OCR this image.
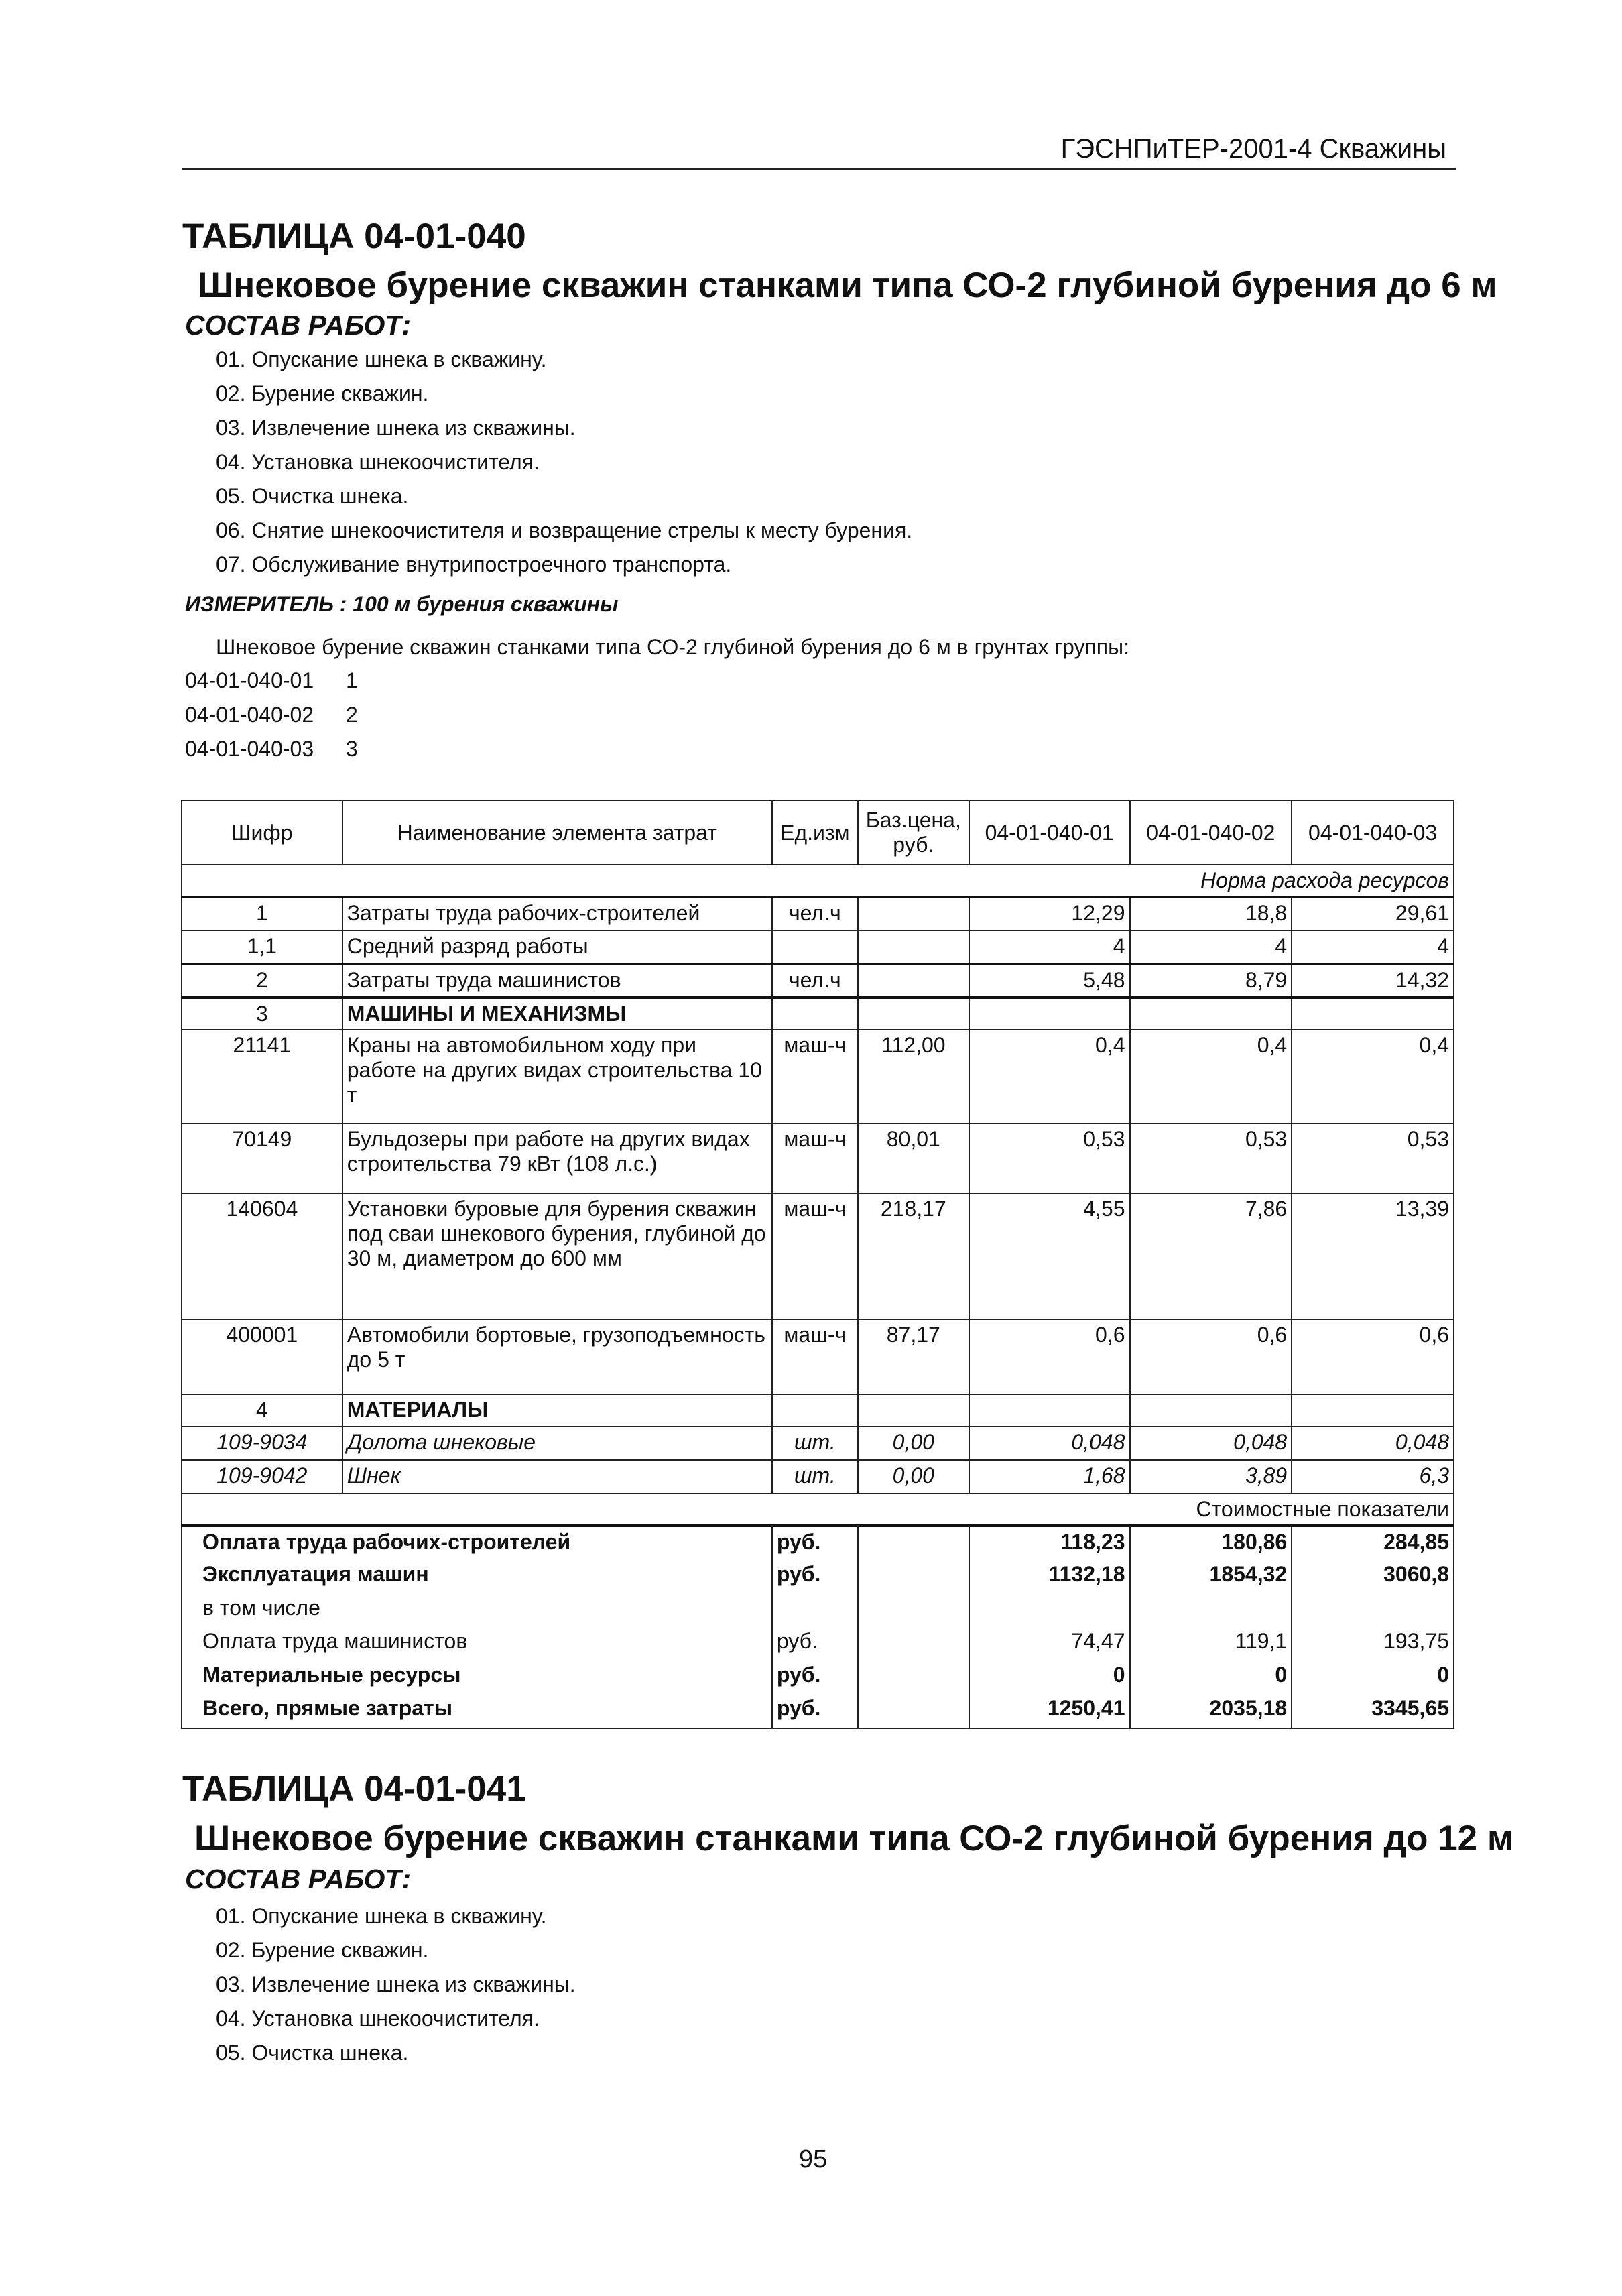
ГЭСНПиТЕР-2001-4 Скважины
ТАБЛИЦА 04-01-040
Шнековое бурение скважин станками типа СО-2 глубиной бурения до 6 м
СОСТАВ РАБОТ:
01. Опускание шнека в скважину.
02. Бурение скважин.
03. Извлечение шнека из скважины.
04. Установка шнекоочистителя.
05. Очистка шнека.
06. Снятие шнекоочистителя и возвращение стрелы к месту бурения.
07. Обслуживание внутрипостроечного транспорта.
ИЗМЕРИТЕЛЬ : 100 м бурения скважины
Шнековое бурение скважин станками типа СО-2 глубиной бурения до 6 м в грунтах группы:
04-01-040-01 1
04-01-040-02 2
04-01-040-03 3
Шифр	Наименование элемента затрат	Ед.изм	Баз.цена, руб.	04-01-040-01	04-01-040-02	04-01-040-03
Норма расхода ресурсов						
1	Затраты труда рабочих-строителей	чел.ч		12,29	18,8	29,61
1,1	Средний разряд работы			4	4	4
2	Затраты труда машинистов	чел.ч		5,48	8,79	14,32
3	МАШИНЫ И МЕХАНИЗМЫ					
21141	Краны на автомобильном ходу при работе на других видах строительства 10 т	маш-ч	112,00	0,4	0,4	0,4
70149	Бульдозеры при работе на других видах строительства 79 кВт (108 л.с.)	маш-ч	80,01	0,53	0,53	0,53
140604	Установки буровые для бурения скважин под сваи шнекового бурения, глубиной до 30 м, диаметром до 600 мм	маш-ч	218,17	4,55	7,86	13,39
400001	Автомобили бортовые, грузоподъемность до 5 т	маш-ч	87,17	0,6	0,6	0,6
4	МАТЕРИАЛЫ					
109-9034	Долота шнековые	шт.	0,00	0,048	0,048	0,048
109-9042	Шнек	шт.	0,00	1,68	3,89	6,3
Стоимостные показатели						
Оплата труда рабочих-строителей		руб.		118,23	180,86	284,85
Эксплуатация машин		руб.		1132,18	1854,32	3060,8
в том числе						
Оплата труда машинистов		руб.		74,47	119,1	193,75
Материальные ресурсы		руб.		0	0	0
Всего, прямые затраты		руб.		1250,41	2035,18	3345,65
ТАБЛИЦА 04-01-041
Шнековое бурение скважин станками типа СО-2 глубиной бурения до 12 м
СОСТАВ РАБОТ:
01. Опускание шнека в скважину.
02. Бурение скважин.
03. Извлечение шнека из скважины.
04. Установка шнекоочистителя.
05. Очистка шнека.
95
